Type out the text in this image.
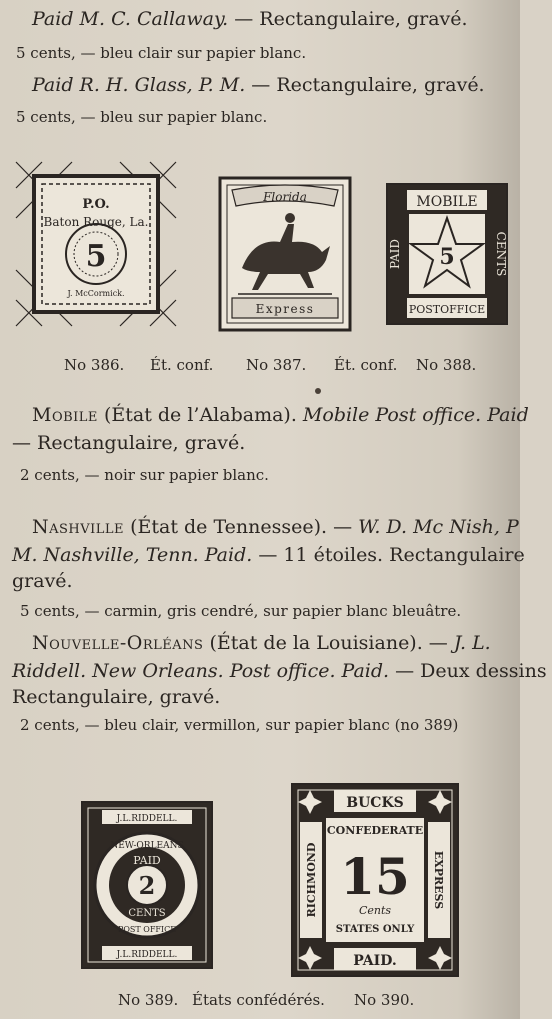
Paid M. C. Callaway. — Rectangulaire, gravé.
5 cents, — bleu clair sur papier blanc.
Paid R. H. Glass, P. M. — Rectangulaire, gravé.
5 cents, — bleu sur papier blanc.
P.O.
Baton Rouge, La.
5
J. McCormick.
Florida
Express
MOBILE
POSTOFFICE
PAID	CENTS
5
No 386. Ét. conf. No 387. Ét. conf. No 388.
Mobile (État de l’Alabama). Mobile Post office. Paid
— Rectangulaire, gravé.
2 cents, — noir sur papier blanc.
Nashville (État de Tennessee). — W. D. Mc Nish, P
M. Nashville, Tenn. Paid. — 11 étoiles. Rectangulaire
gravé.
5 cents, — carmin, gris cendré, sur papier blanc bleuâtre.
Nouvelle-Orléans (État de la Louisiane). — J. L.
Riddell. New Orleans. Post office. Paid. — Deux dessins
Rectangulaire, gravé.
2 cents, — bleu clair, vermillon, sur papier blanc (no 389)
J.L.RIDDELL.
NEW-ORLEANS
PAID
2
CENTS
POST OFFICE
J.L.RIDDELL.
BUCKS
CONFEDERATE
15
Cents
STATES ONLY
PAID.
RICHMOND	EXPRESS
No 389. États confédérés. No 390.
